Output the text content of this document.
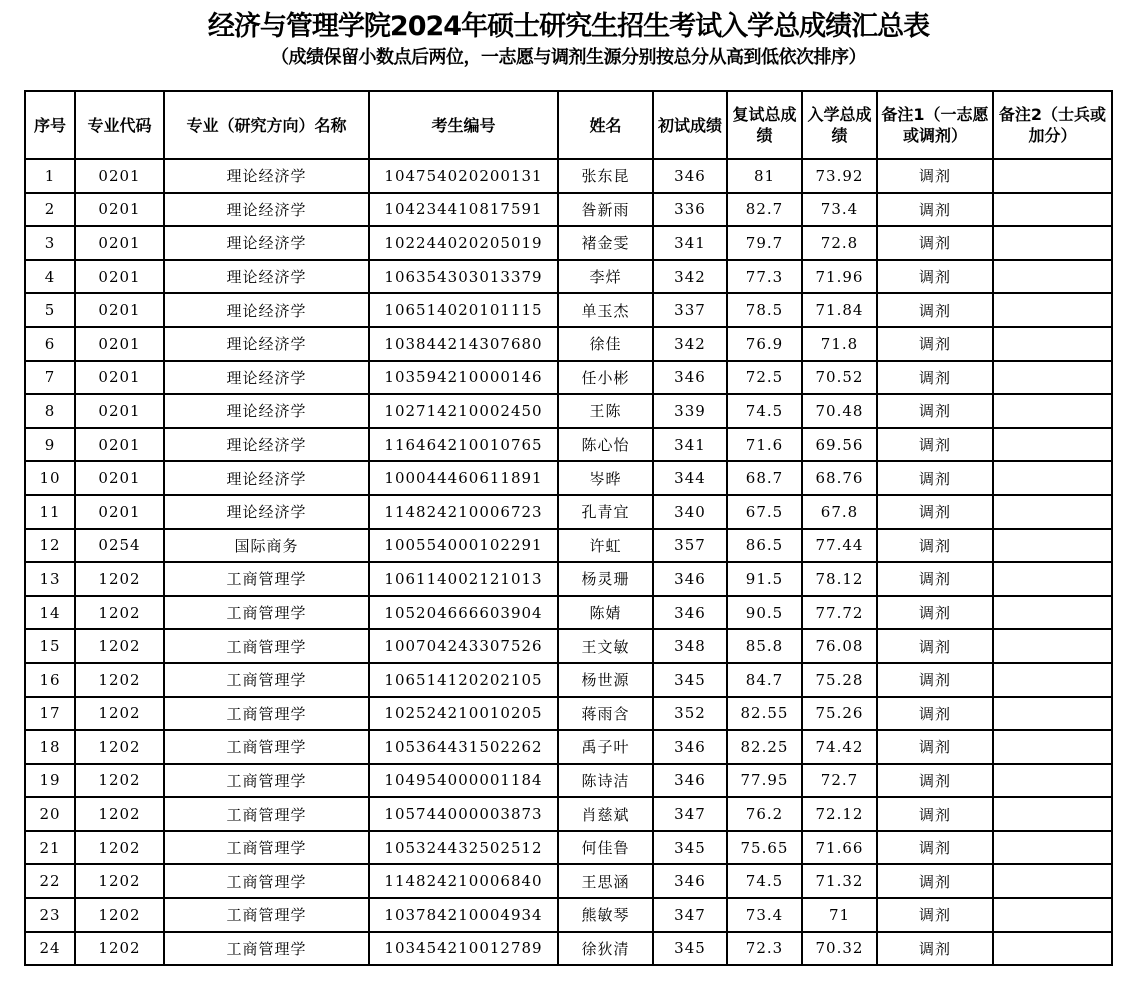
经济与管理学院2024年硕士研究生招生考试入学总成绩汇总表
（成绩保留小数点后两位，一志愿与调剂生源分别按总分从高到低依次排序）
序号	专业代码	专业（研究方向）名称	考生编号	姓名	初试成绩	复试总成绩	入学总成绩	备注1（一志愿或调剂）	备注2（士兵或加分）
1	0201	理论经济学	104754020200131	张东昆	346	81	73.92	调剂	
2	0201	理论经济学	104234410817591	昝新雨	336	82.7	73.4	调剂	
3	0201	理论经济学	102244020205019	褚金雯	341	79.7	72.8	调剂	
4	0201	理论经济学	106354303013379	李烊	342	77.3	71.96	调剂	
5	0201	理论经济学	106514020101115	单玉杰	337	78.5	71.84	调剂	
6	0201	理论经济学	103844214307680	徐佳	342	76.9	71.8	调剂	
7	0201	理论经济学	103594210000146	任小彬	346	72.5	70.52	调剂	
8	0201	理论经济学	102714210002450	王陈	339	74.5	70.48	调剂	
9	0201	理论经济学	116464210010765	陈心怡	341	71.6	69.56	调剂	
10	0201	理论经济学	100044460611891	岑晔	344	68.7	68.76	调剂	
11	0201	理论经济学	114824210006723	孔青宜	340	67.5	67.8	调剂	
12	0254	国际商务	100554000102291	许虹	357	86.5	77.44	调剂	
13	1202	工商管理学	106114002121013	杨灵珊	346	91.5	78.12	调剂	
14	1202	工商管理学	105204666603904	陈婧	346	90.5	77.72	调剂	
15	1202	工商管理学	100704243307526	王文敏	348	85.8	76.08	调剂	
16	1202	工商管理学	106514120202105	杨世源	345	84.7	75.28	调剂	
17	1202	工商管理学	102524210010205	蒋雨含	352	82.55	75.26	调剂	
18	1202	工商管理学	105364431502262	禹子叶	346	82.25	74.42	调剂	
19	1202	工商管理学	104954000001184	陈诗洁	346	77.95	72.7	调剂	
20	1202	工商管理学	105744000003873	肖慈斌	347	76.2	72.12	调剂	
21	1202	工商管理学	105324432502512	何佳鲁	345	75.65	71.66	调剂	
22	1202	工商管理学	114824210006840	王思涵	346	74.5	71.32	调剂	
23	1202	工商管理学	103784210004934	熊敏琴	347	73.4	71	调剂	
24	1202	工商管理学	103454210012789	徐狄清	345	72.3	70.32	调剂	
